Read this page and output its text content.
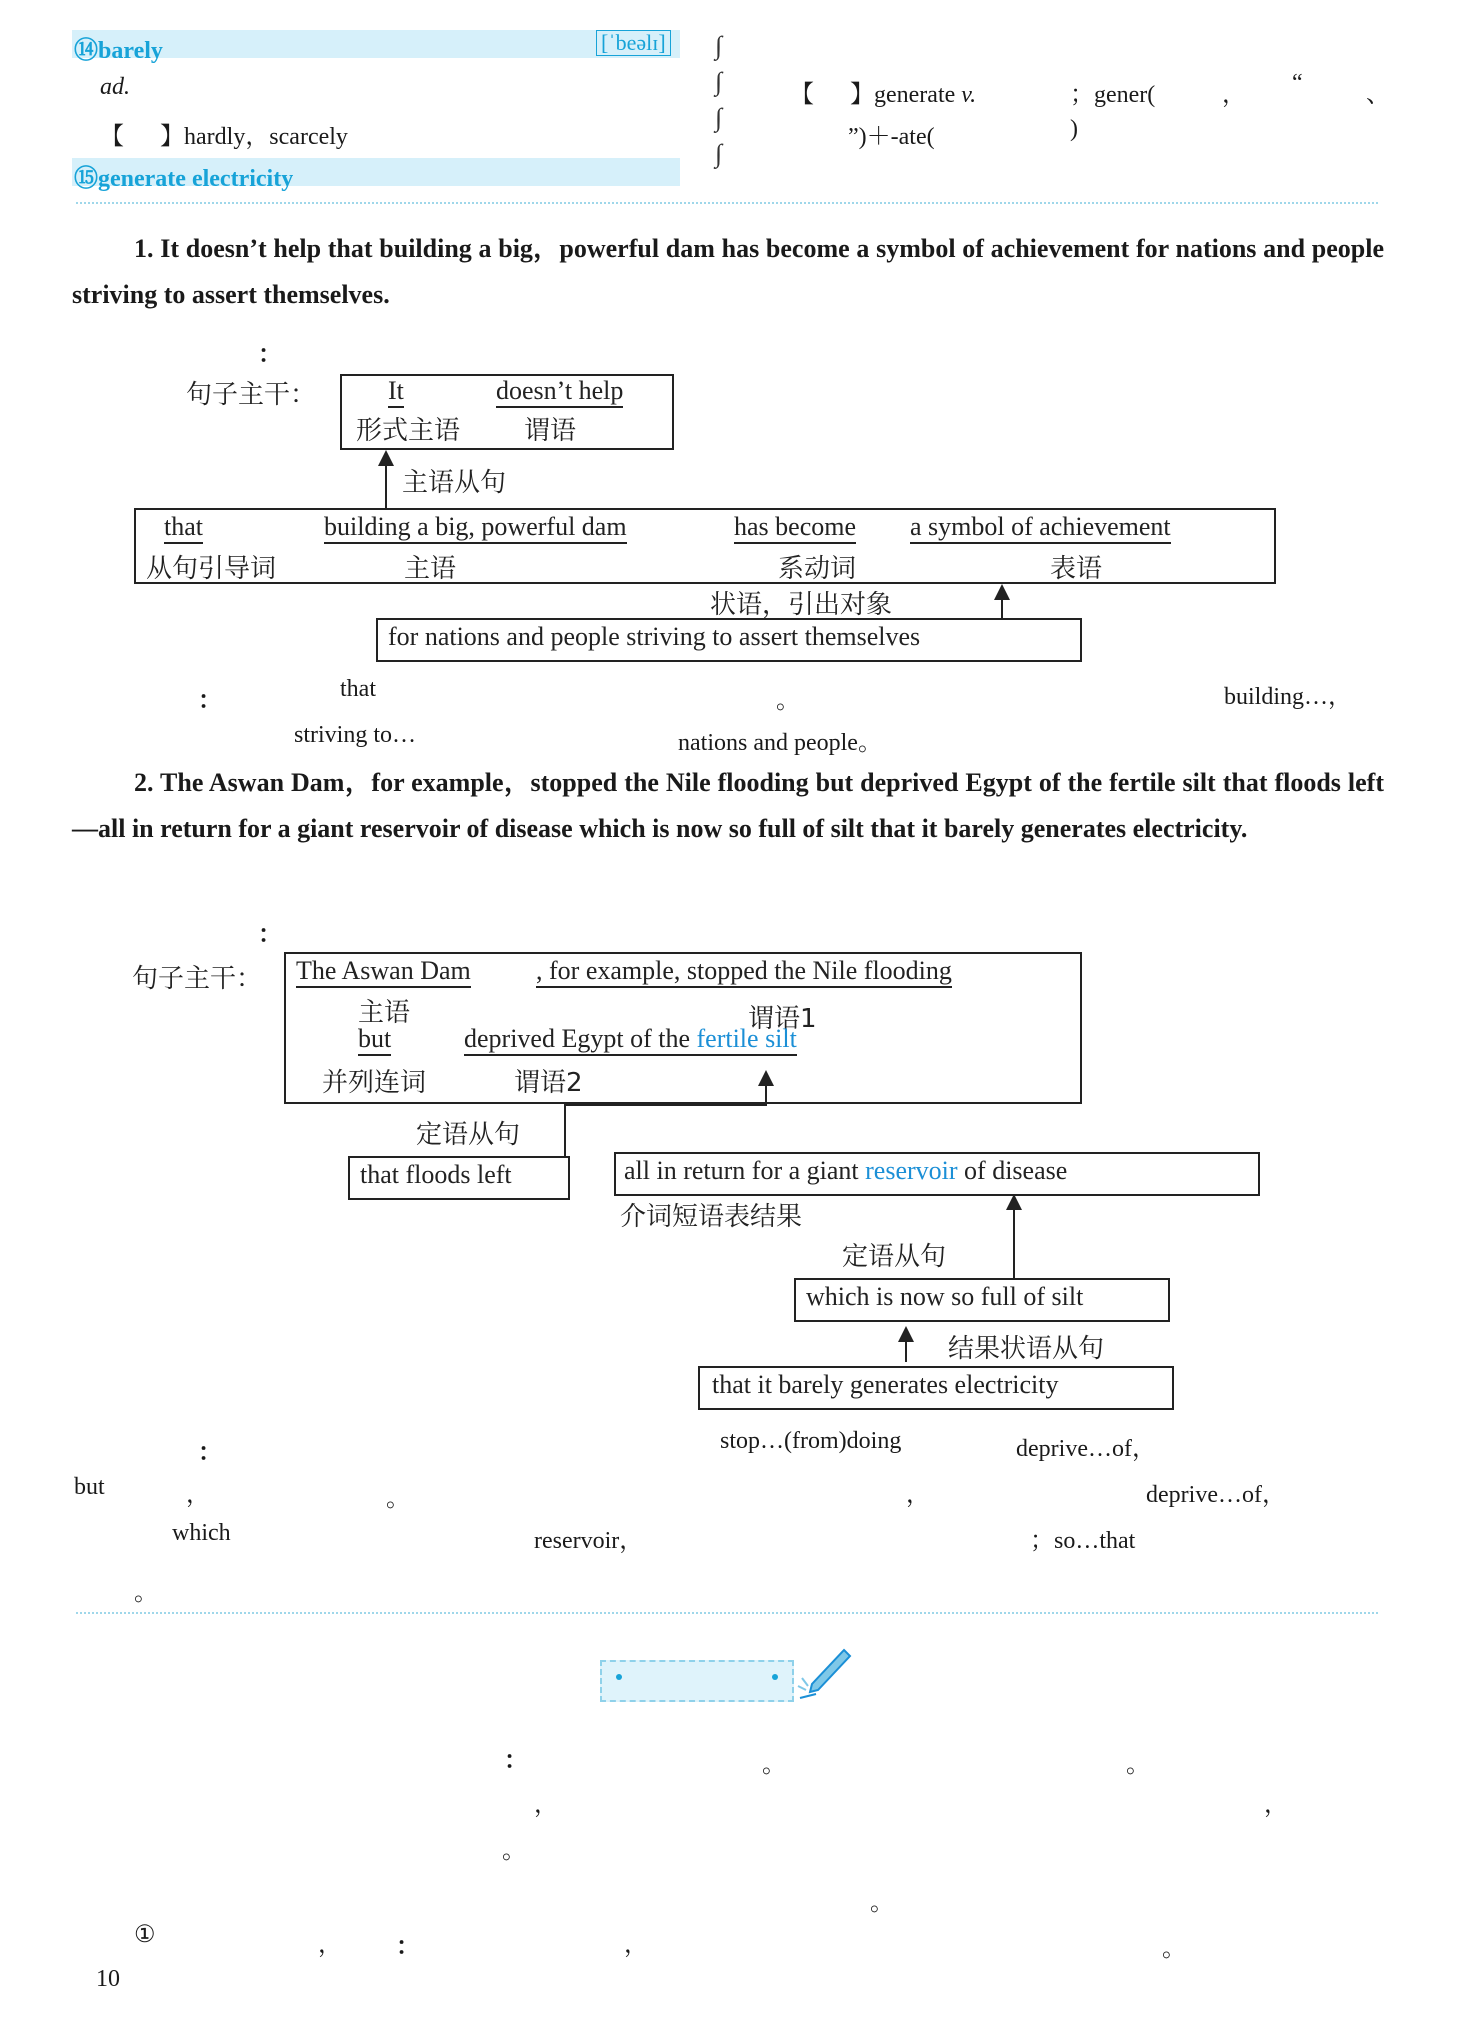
⑭barely	[ˈbeəlɪ]
ad.
【   】hardly，scarcely
⑮generate electricity
∫
∫
∫
∫
【   】generate v.	；gener(	， “	、
”)＋-ate(	)
1. It doesn’t help that building a big，powerful dam has become a symbol of achievement for nations and people striving to assert themselves.
：
句子主干：	It	doesn’t help
形式主语 谓语
主语从句
that	building a big, powerful dam	has become a symbol of achievement
从句引导词	主语	系动词	表语
状语，引出对象
for nations and people striving to assert themselves
：	that	。	building…，
striving to…	nations and people。
2. The Aswan Dam，for example，stopped the Nile flooding but deprived Egypt of the fertile silt that floods left—all in return for a giant reservoir of disease which is now so full of silt that it barely generates electricity.
：
句子主干： The Aswan Dam	, for example, stopped the Nile flooding
主语	谓语1
but	deprived Egypt of the fertile silt
并列连词	谓语2
定语从句
that floods left	all in return for a giant reservoir of disease
介词短语表结果
定语从句
which is now so full of silt
结果状语从句
that it barely generates electricity
：	stop…(from)doing	deprive…of，
but	，	。	，	deprive…of，
which	reservoir，	；so…that
。
：	。	。
，	，
。
。
①	， ：	，	。
10
